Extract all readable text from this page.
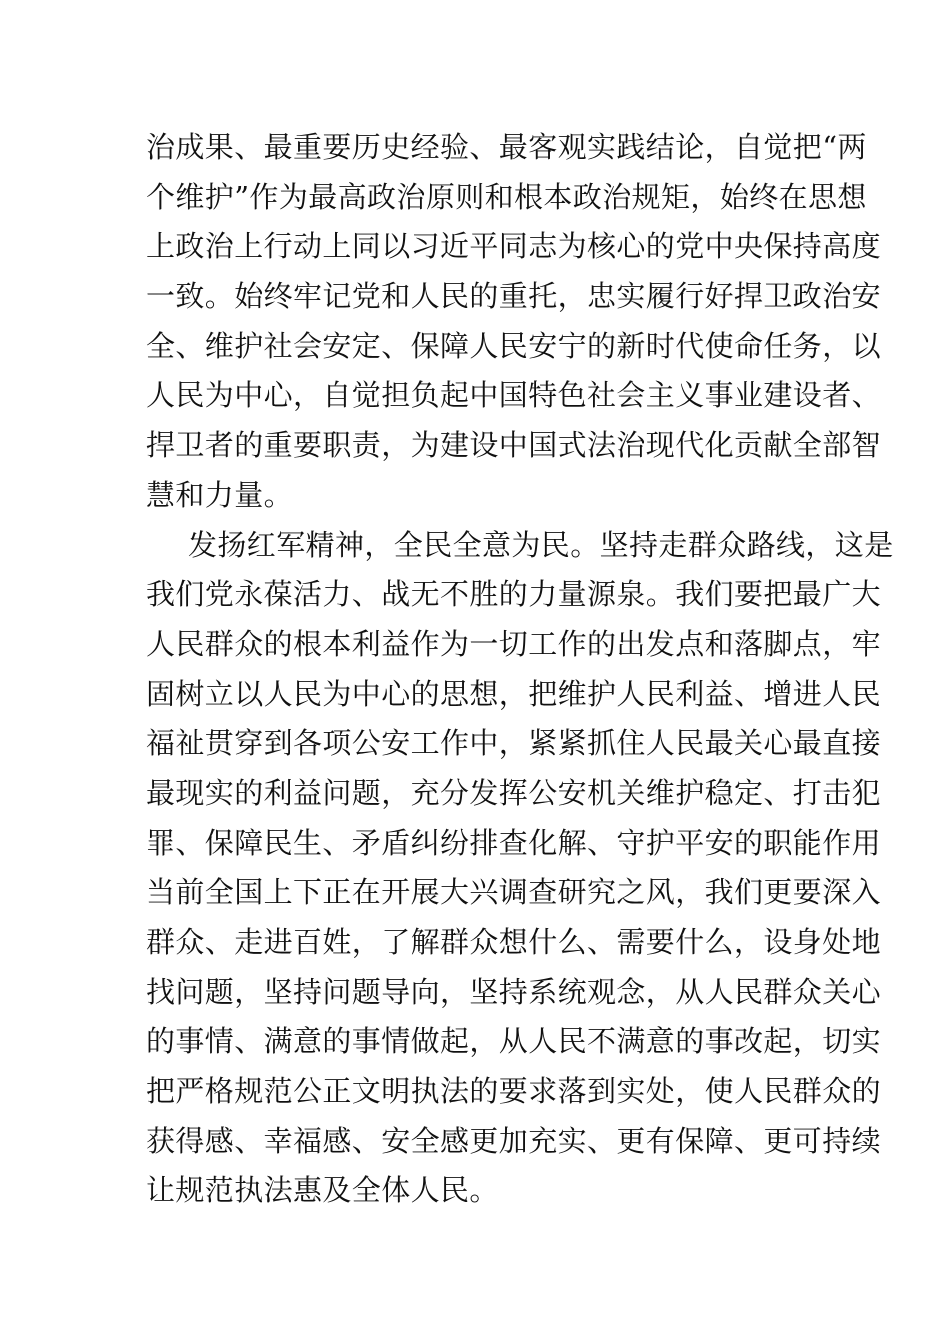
治成果、最重要历史经验、最客观实践结论，自觉把“两
个维护”作为最高政治原则和根本政治规矩，始终在思想
上政治上行动上同以习近平同志为核心的党中央保持高度
一致。始终牢记党和人民的重托，忠实履行好捍卫政治安
全、维护社会安定、保障人民安宁的新时代使命任务，以
人民为中心，自觉担负起中国特色社会主义事业建设者、
捍卫者的重要职责，为建设中国式法治现代化贡献全部智
慧和力量。
发扬红军精神，全民全意为民。坚持走群众路线，这是
我们党永葆活力、战无不胜的力量源泉。我们要把最广大
人民群众的根本利益作为一切工作的出发点和落脚点，牢
固树立以人民为中心的思想，把维护人民利益、增进人民
福祉贯穿到各项公安工作中，紧紧抓住人民最关心最直接
最现实的利益问题，充分发挥公安机关维护稳定、打击犯
罪、保障民生、矛盾纠纷排查化解、守护平安的职能作用
当前全国上下正在开展大兴调查研究之风，我们更要深入
群众、走进百姓，了解群众想什么、需要什么，设身处地
找问题，坚持问题导向，坚持系统观念，从人民群众关心
的事情、满意的事情做起，从人民不满意的事改起，切实
把严格规范公正文明执法的要求落到实处，使人民群众的
获得感、幸福感、安全感更加充实、更有保障、更可持续
让规范执法惠及全体人民。
